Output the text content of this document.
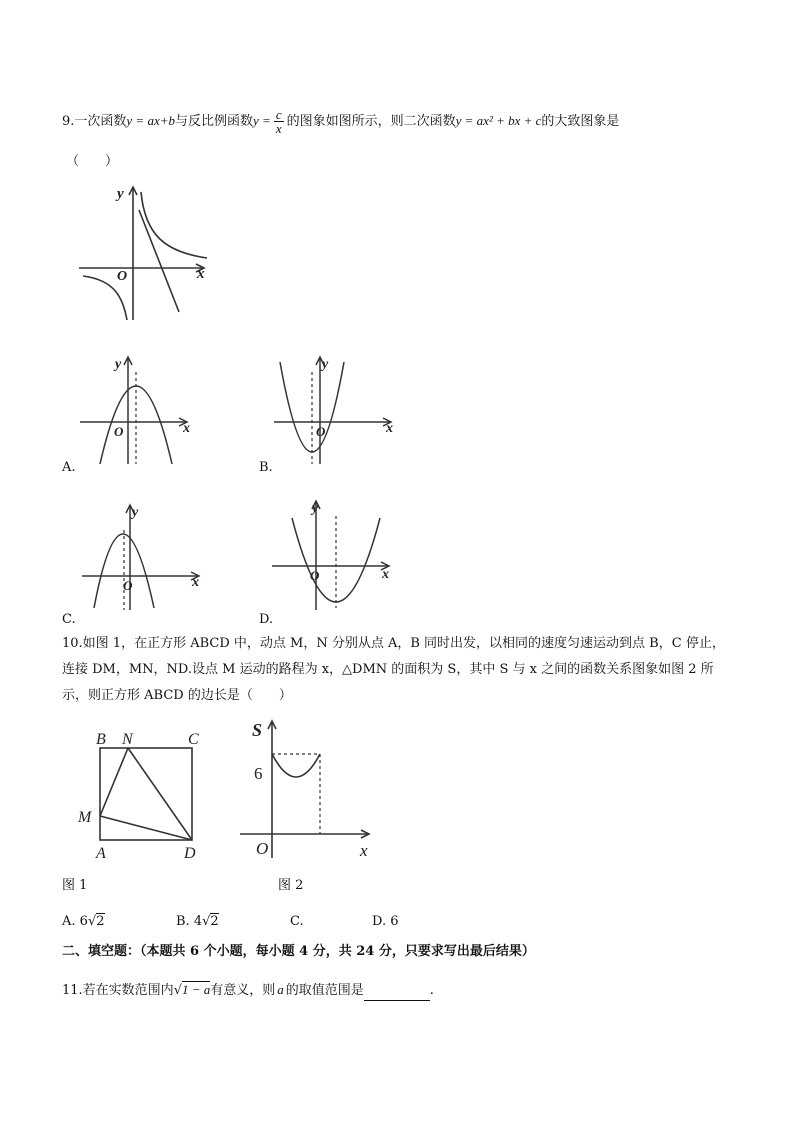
9.一次函数y = ax+b与反比例函数$y = \frac{c}{x}$ 的图象如图所示，则二次函数y = ax² + bx + c的大致图象是
（　　）
y
x
O
y
x
O
A.
y
x
O
B.
y
x
O
C.
y
x
O
D.
10.如图 1，在正方形 ABCD 中，动点 M，N 分别从点 A，B 同时出发，以相同的速度匀速运动到点 B，C 停止，
连接 DM，MN，ND.设点 M 运动的路程为 x，△DMN 的面积为 S，其中 S 与 x 之间的函数关系图象如图 2 所
示，则正方形 ABCD 的边长是（　　）
B N	C
M
A	D
图 1
S
6
O	x
图 2
A. 6√2	B. 4√2	C.	D. 6
二、填空题：（本题共 6 个小题，每小题 4 分，共 24 分，只要求写出最后结果）
11.若在实数范围内√1 − a有意义，则 a 的取值范围是	.
